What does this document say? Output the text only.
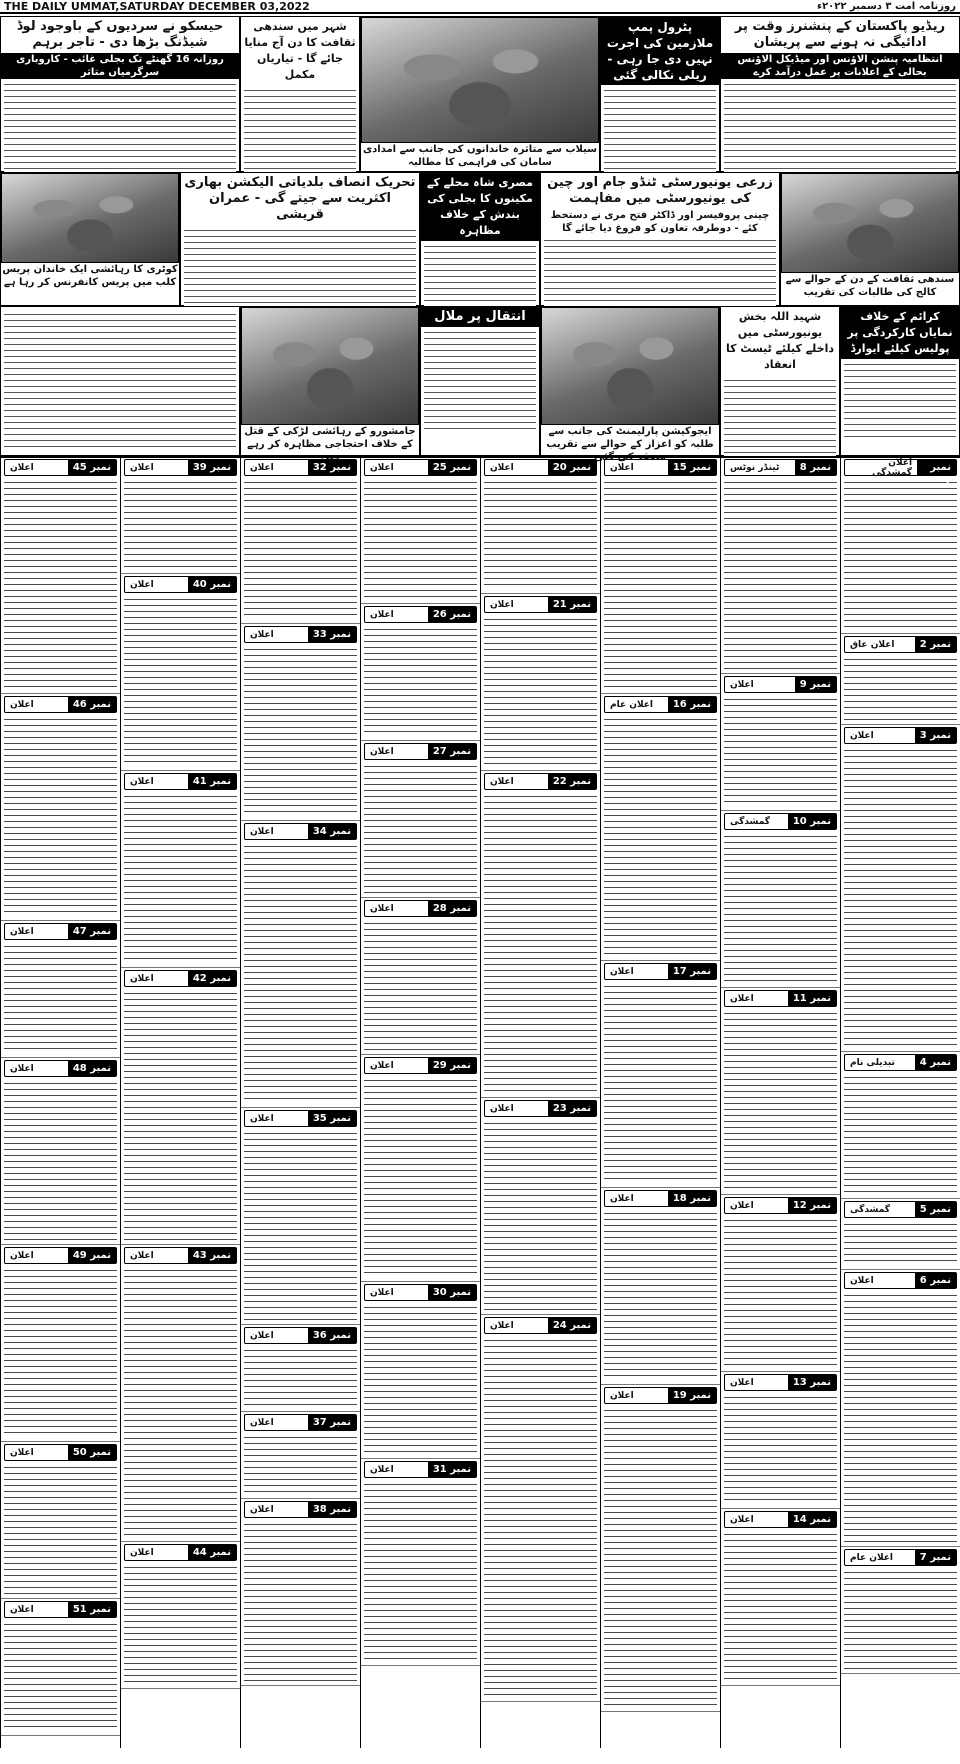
THE DAILY UMMAT,SATURDAY DECEMBER 03,2022	روزنامہ امت ۳ دسمبر ۲۰۲۲ء
ریڈیو پاکستان کے پنشنرز وقت پر ادائیگی نہ ہونے سے پریشان
انتظامیہ پنشن الاؤنس اور میڈیکل الاؤنس بحالی کے اعلانات پر عمل درآمد کرے
پٹرول پمپ ملازمین کی اجرت نہیں دی جا رہی - ریلی نکالی گئی
سیلاب سے متاثرہ خاندانوں کی جانب سے امدادی سامان کی فراہمی کا مطالبہ
شہر میں سندھی ثقافت کا دن آج منایا جائے گا - تیاریاں مکمل
حیسکو نے سردیوں کے باوجود لوڈ شیڈنگ بڑھا دی - تاجر برہم
روزانہ 16 گھنٹے تک بجلی غائب - کاروباری سرگرمیاں متاثر
سندھی ثقافت کے دن کے حوالے سے کالج کی طالبات کی تقریب
زرعی یونیورسٹی ٹنڈو جام اور چین کی یونیورسٹی میں مفاہمت
چینی پروفیسر اور ڈاکٹر فتح مری نے دستخط کئے - دوطرفہ تعاون کو فروغ دیا جائے گا
مصری شاہ محلے کے مکینوں کا بجلی کی بندش کے خلاف مظاہرہ
تحریک انصاف بلدیاتی الیکشن بھاری اکثریت سے جیتے گی - عمران قریشی
کوٹری کا رہائشی ایک خاندان پریس کلب میں پریس کانفرنس کر رہا ہے
کرائم کے خلاف نمایاں کارکردگی پر پولیس کیلئے ایوارڈ
شہید اللہ بخش یونیورسٹی میں داخلے کیلئے ٹیسٹ کا انعقاد
ایجوکیشن پارلیمنٹ کی جانب سے طلبہ کو اعزاز کے حوالے سے تقریب
انتقال پر ملال
جامشورو کے رہائشی لڑکی کے قتل کے خلاف احتجاجی مظاہرہ کر رہے
نمبر 1
اعلان گمشدگی
نمبر 2
اعلان عاق
نمبر 3
اعلان
نمبر 4
تبدیلی نام
نمبر 5
گمشدگی
نمبر 6
اعلان
نمبر 7
اعلان عام
نمبر 8
ٹینڈر نوٹس
نمبر 9
اعلان
نمبر 10
گمشدگی
نمبر 11
اعلان
نمبر 12
اعلان
نمبر 13
اعلان
نمبر 14
اعلان
نمبر 15
اعلان
نمبر 16
اعلان عام
نمبر 17
اعلان
نمبر 18
اعلان
نمبر 19
اعلان
نمبر 20
اعلان
نمبر 21
اعلان
نمبر 22
اعلان
نمبر 23
اعلان
نمبر 24
اعلان
نمبر 25
اعلان
نمبر 26
اعلان
نمبر 27
اعلان
نمبر 28
اعلان
نمبر 29
اعلان
نمبر 30
اعلان
نمبر 31
اعلان
نمبر 32
اعلان
نمبر 33
اعلان
نمبر 34
اعلان
نمبر 35
اعلان
نمبر 36
اعلان
نمبر 37
اعلان
نمبر 38
اعلان
نمبر 39
اعلان
نمبر 40
اعلان
نمبر 41
اعلان
نمبر 42
اعلان
نمبر 43
اعلان
نمبر 44
اعلان
نمبر 45
اعلان
نمبر 46
اعلان
نمبر 47
اعلان
نمبر 48
اعلان
نمبر 49
اعلان
نمبر 50
اعلان
نمبر 51
اعلان
